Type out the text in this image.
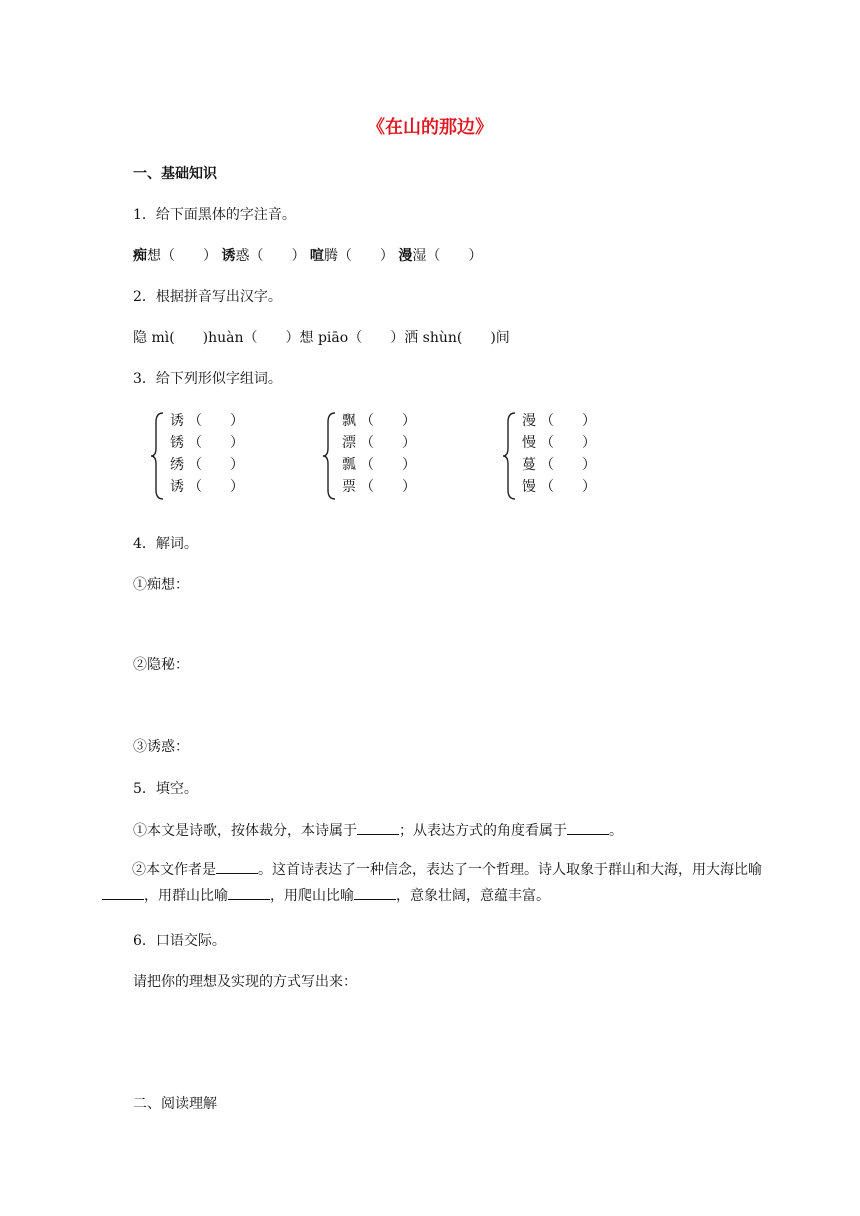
《在山的那边》
一、基础知识
1．给下面黑体的字注音。
痴想（　　） 诱惑（　　） 喧腾（　　） 漫湿（　　）
2．根据拼音写出汉字。
隐 mì(　　)huàn（　　）想 piāo（　　）洒 shùn(　　)间
3．给下列形似字组词。
诱 （　　）
锈 （　　）
绣 （　　）
诱 （　　）
飘 （　　）
漂 （　　）
瓢 （　　）
票 （　　）
漫 （　　）
慢 （　　）
蔓 （　　）
馒 （　　）
4．解词。
①痴想：
②隐秘：
③诱惑：
5．填空。
①本文是诗歌，按体裁分，本诗属于	；从表达方式的角度看属于	。
②本文作者是	。这首诗表达了一种信念，表达了一个哲理。诗人取象于群山和大海，用大海比喻，用群山比喻	，用爬山比喻	，意象壮阔，意蕴丰富。
6．口语交际。
请把你的理想及实现的方式写出来：
二、阅读理解
